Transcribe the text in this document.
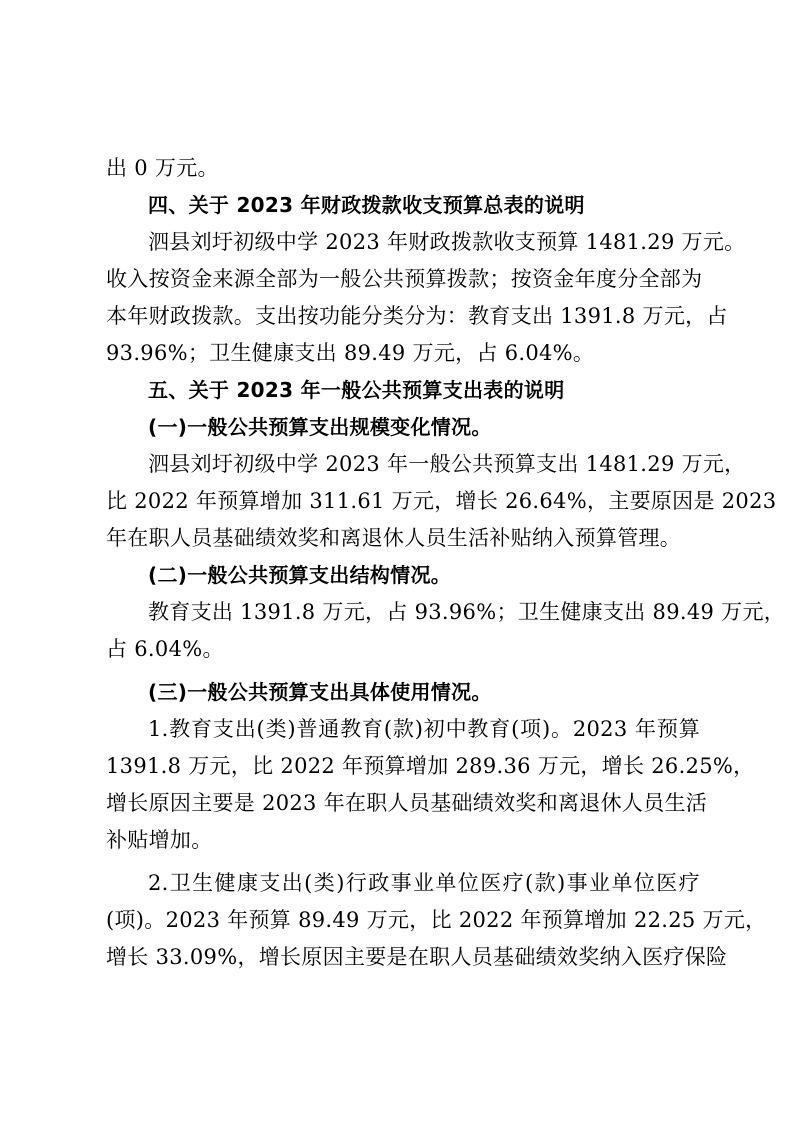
出 0 万元。
四、关于 2023 年财政拨款收支预算总表的说明
泗县刘圩初级中学 2023 年财政拨款收支预算 1481.29 万元。
收入按资金来源全部为一般公共预算拨款；按资金年度分全部为
本年财政拨款。支出按功能分类分为：教育支出 1391.8 万元，占
93.96%；卫生健康支出 89.49 万元，占 6.04%。
五、关于 2023 年一般公共预算支出表的说明
(一)一般公共预算支出规模变化情况。
泗县刘圩初级中学 2023 年一般公共预算支出 1481.29 万元，
比 2022 年预算增加 311.61 万元，增长 26.64%，主要原因是 2023
年在职人员基础绩效奖和离退休人员生活补贴纳入预算管理。
(二)一般公共预算支出结构情况。
教育支出 1391.8 万元，占 93.96%；卫生健康支出 89.49 万元，
占 6.04%。
(三)一般公共预算支出具体使用情况。
1.教育支出(类)普通教育(款)初中教育(项)。2023 年预算
1391.8 万元，比 2022 年预算增加 289.36 万元，增长 26.25%，
增长原因主要是 2023 年在职人员基础绩效奖和离退休人员生活
补贴增加。
2.卫生健康支出(类)行政事业单位医疗(款)事业单位医疗
(项)。2023 年预算 89.49 万元，比 2022 年预算增加 22.25 万元，
增长 33.09%，增长原因主要是在职人员基础绩效奖纳入医疗保险
